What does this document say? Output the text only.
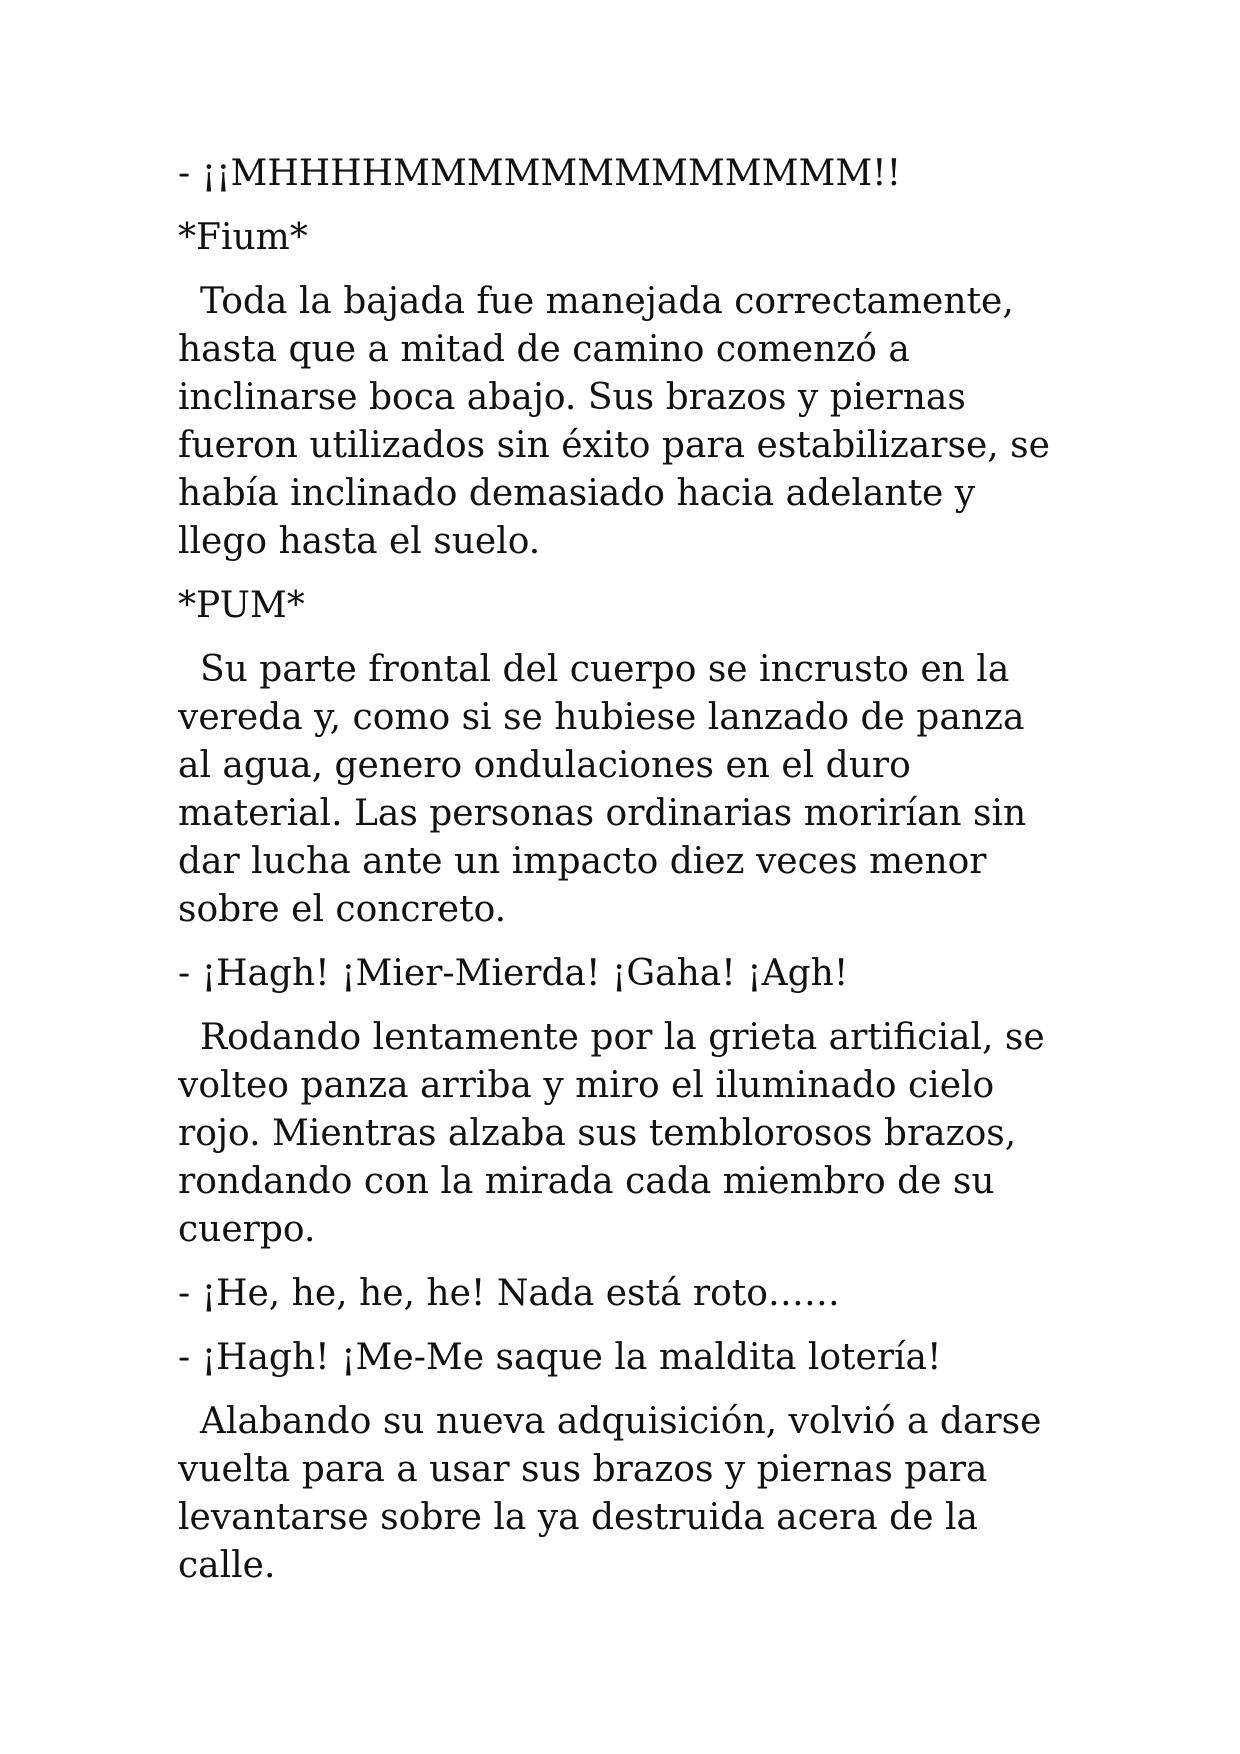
- ¡¡MHHHHMMMMMMMMMMMMM!!

*Fium*

Toda la bajada fue manejada correctamente,
hasta que a mitad de camino comenzó a
inclinarse boca abajo. Sus brazos y piernas
fueron utilizados sin éxito para estabilizarse, se
había inclinado demasiado hacia adelante y
llego hasta el suelo.

*PUM*

Su parte frontal del cuerpo se incrusto en la
vereda y, como si se hubiese lanzado de panza
al agua, genero ondulaciones en el duro
material. Las personas ordinarias morirían sin
dar lucha ante un impacto diez veces menor
sobre el concreto.

- ¡Hagh! ¡Mier-Mierda! ¡Gaha! ¡Agh!

Rodando lentamente por la grieta artificial, se
volteo panza arriba y miro el iluminado cielo
rojo. Mientras alzaba sus temblorosos brazos,
rondando con la mirada cada miembro de su
cuerpo.

- ¡He, he, he, he! Nada está roto……

- ¡Hagh! ¡Me-Me saque la maldita lotería!

Alabando su nueva adquisición, volvió a darse
vuelta para a usar sus brazos y piernas para
levantarse sobre la ya destruida acera de la
calle.
